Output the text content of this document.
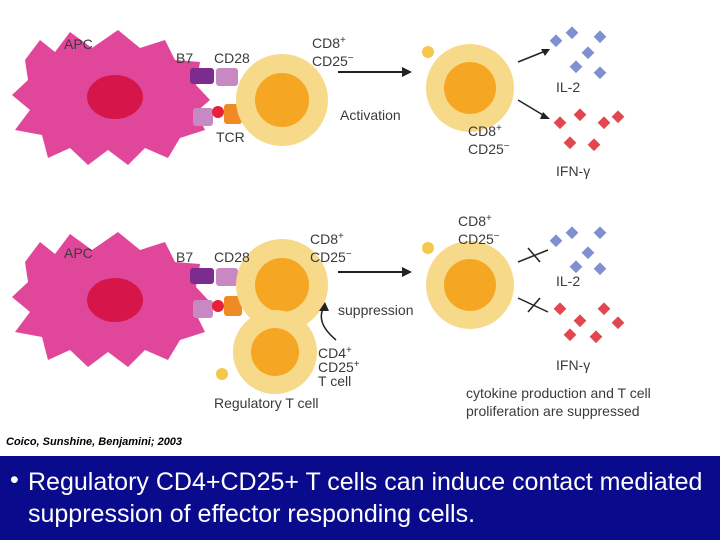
APC
B7 CD28
TCR
CD8+
CD25−
Activation
CD8+
CD25−
IL-2
IFN-γ
APC	B7 CD28
CD8+
CD25−
CD8+
CD25−
suppression
CD4+
CD25+
T cell
IL-2
IFN-γ
Regulatory T cell
cytokine production and T cell
proliferation are suppressed
Coico, Sunshine, Benjamini; 2003
• Regulatory CD4+CD25+ T cells can induce contact mediated suppression of effector responding cells.
